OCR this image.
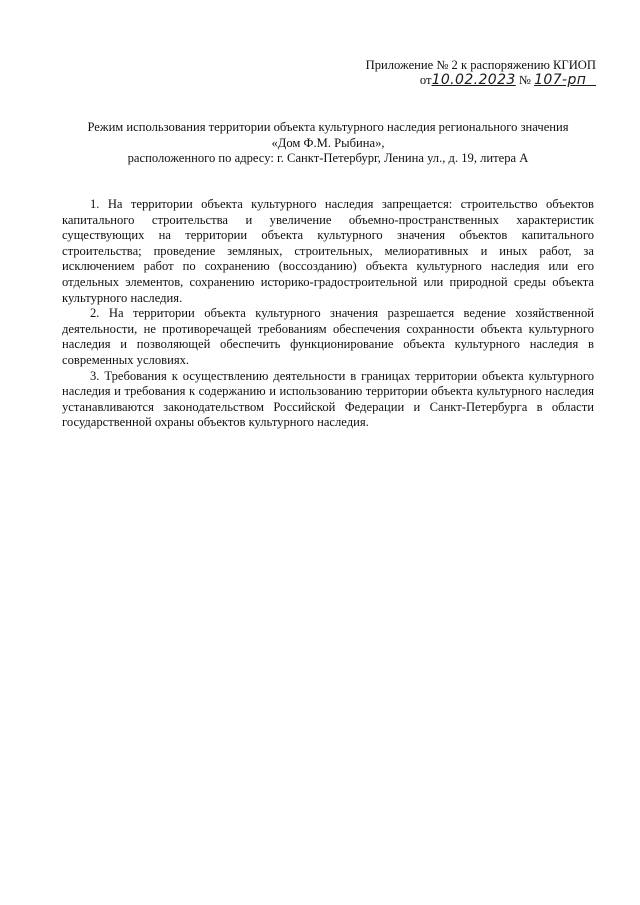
Приложение № 2 к распоряжению КГИОП
от10.02.2023 № 107-рп
Режим использования территории объекта культурного наследия регионального значения
«Дом Ф.М. Рыбина»,
расположенного по адресу: г. Санкт-Петербург, Ленина ул., д. 19, литера А

1. На территории объекта культурного наследия запрещается: строительство объектов капитального строительства и увеличение объемно-пространственных характеристик существующих на территории объекта культурного значения объектов капитального строительства; проведение земляных, строительных, мелиоративных и иных работ, за исключением работ по сохранению (воссозданию) объекта культурного наследия или его отдельных элементов, сохранению историко-градостроительной или природной среды объекта культурного наследия.

2. На территории объекта культурного значения разрешается ведение хозяйственной деятельности, не противоречащей требованиям обеспечения сохранности объекта культурного наследия и позволяющей обеспечить функционирование объекта культурного наследия в современных условиях.

3. Требования к осуществлению деятельности в границах территории объекта культурного наследия и требования к содержанию и использованию территории объекта культурного наследия устанавливаются законодательством Российской Федерации и Санкт-Петербурга в области государственной охраны объектов культурного наследия.
